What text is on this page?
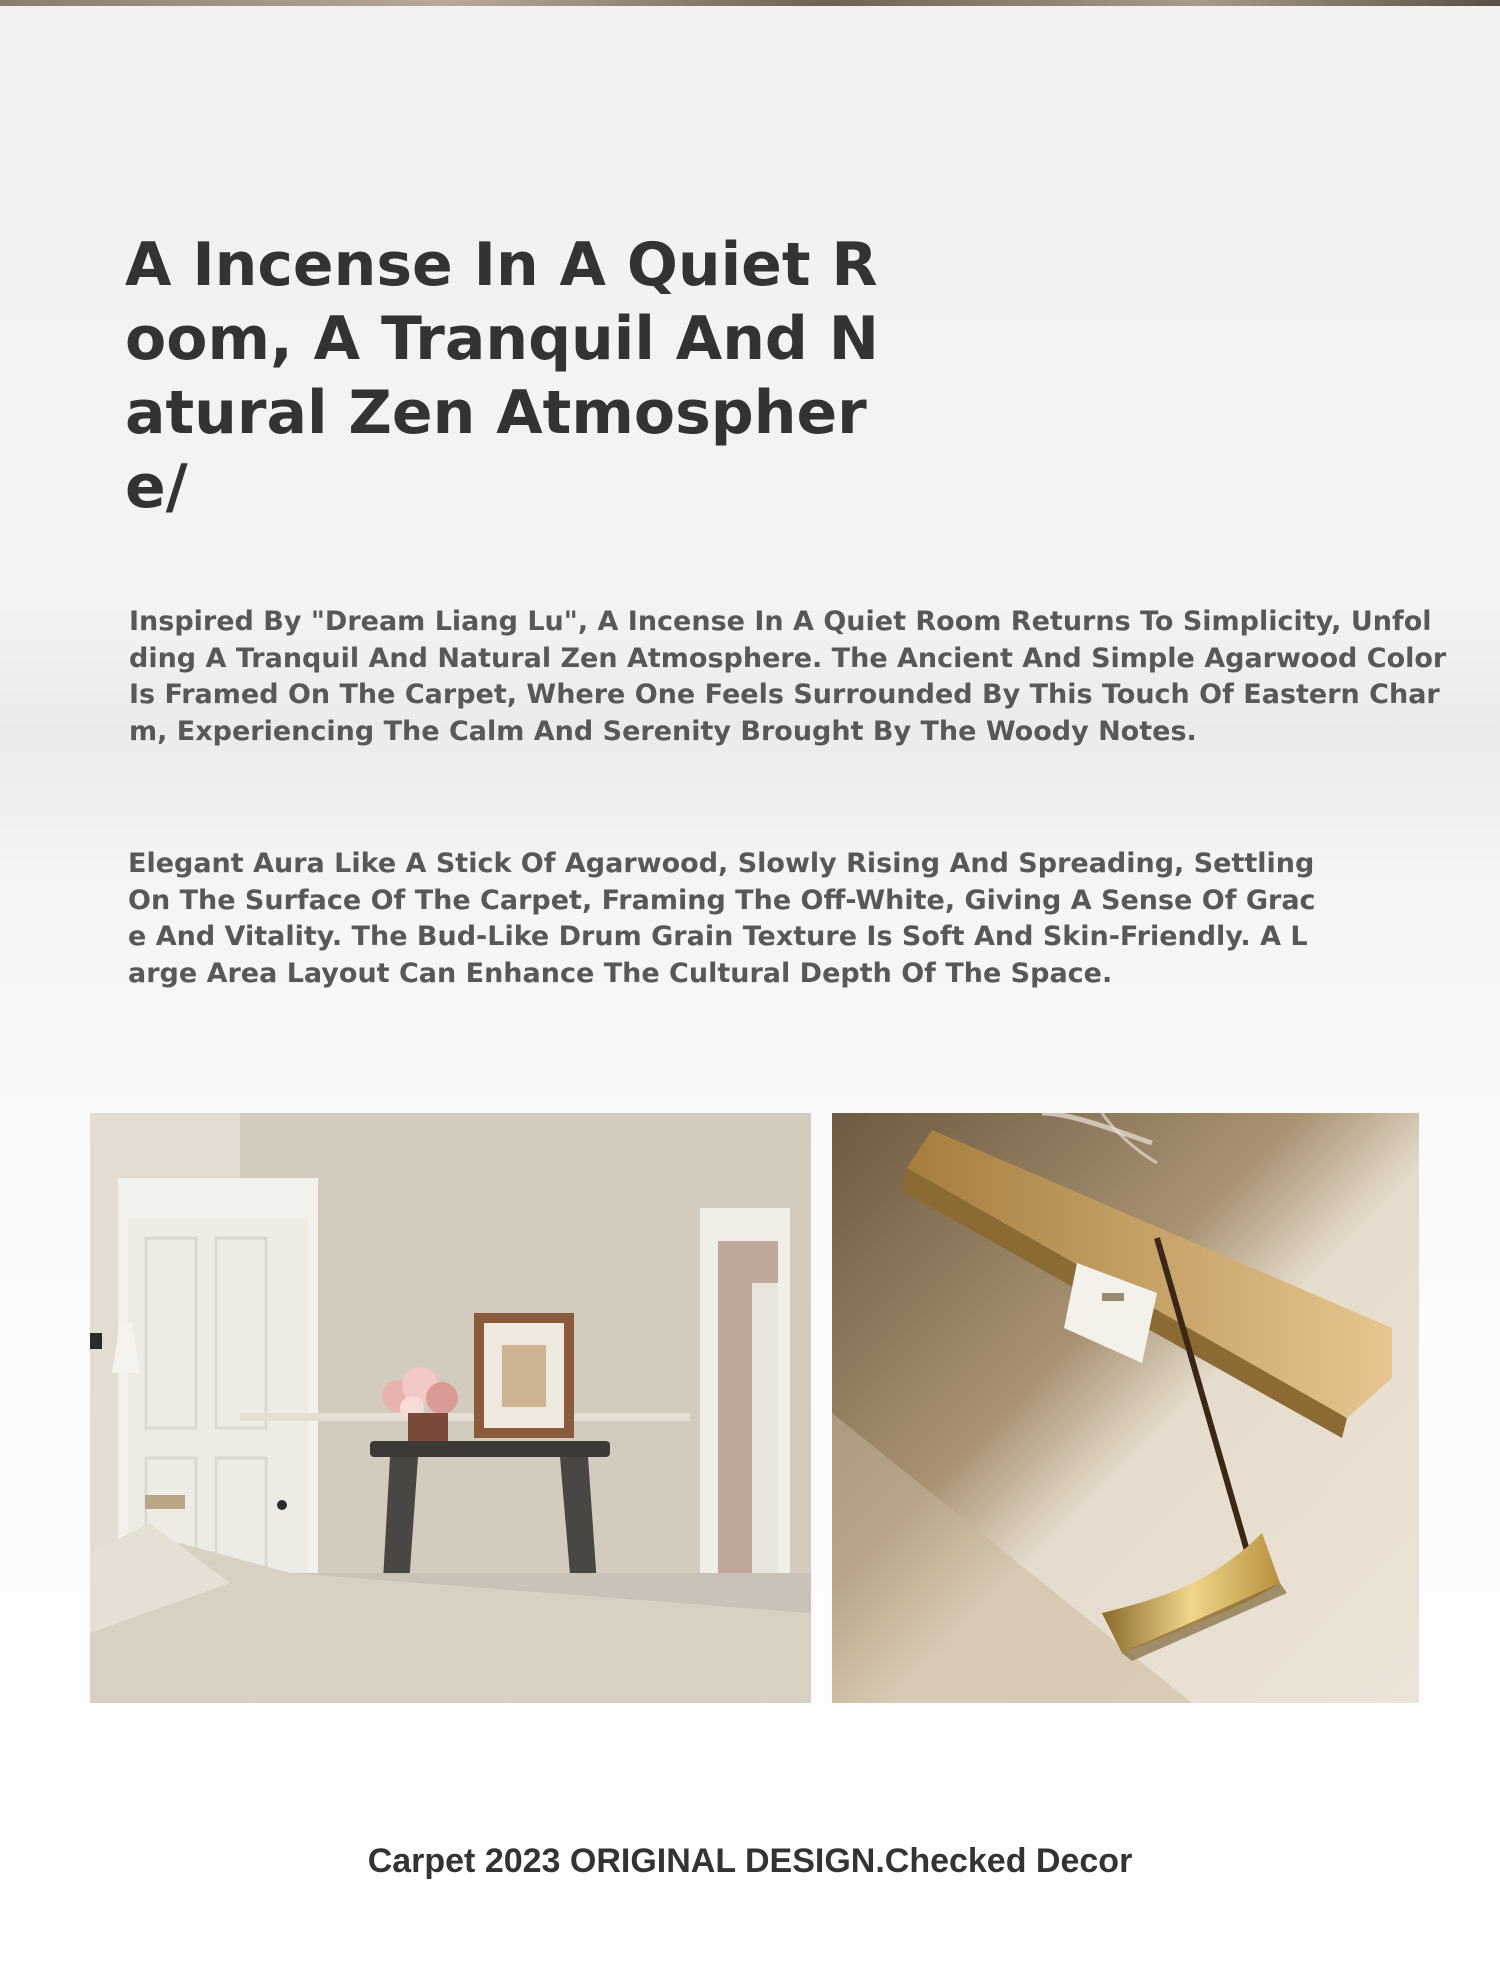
A Incense In A Quiet Room, A Tranquil And Natural Zen Atmosphere/

Inspired By "Dream Liang Lu", A Incense In A Quiet Room Returns To Simplicity, Unfolding A Tranquil And Natural Zen Atmosphere. The Ancient And Simple Agarwood Color Is Framed On The Carpet, Where One Feels Surrounded By This Touch Of Eastern Charm, Experiencing The Calm And Serenity Brought By The Woody Notes.

Elegant Aura Like A Stick Of Agarwood, Slowly Rising And Spreading, Settling On The Surface Of The Carpet, Framing The Off-White, Giving A Sense Of Grace And Vitality. The Bud-Like Drum Grain Texture Is Soft And Skin-Friendly. A Large Area Layout Can Enhance The Cultural Depth Of The Space.

Carpet 2023 ORIGINAL DESIGN.Checked Decor
